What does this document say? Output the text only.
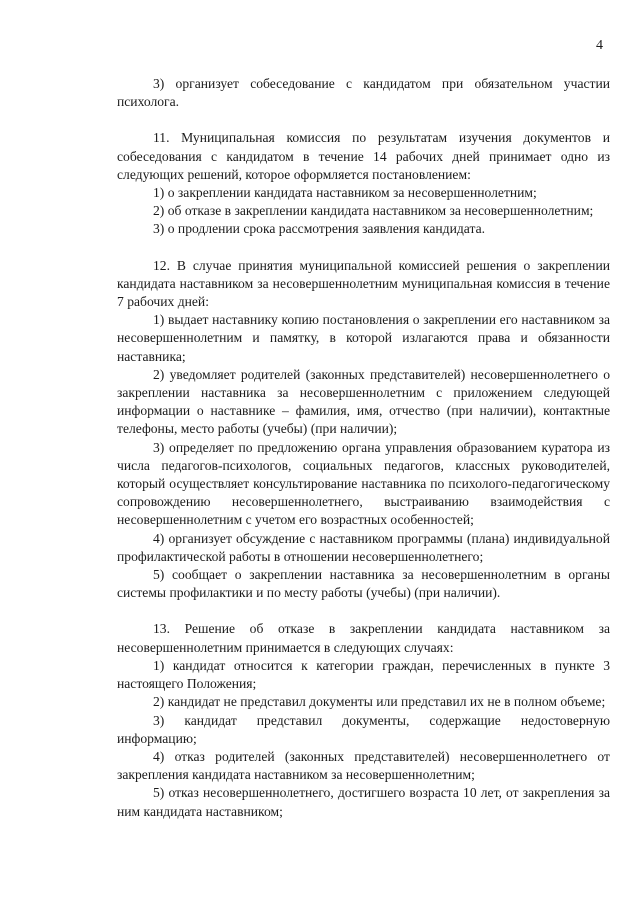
4

3) организует собеседование с кандидатом при обязательном участии психолога.

11. Муниципальная комиссия по результатам изучения документов и собеседования с кандидатом в течение 14 рабочих дней принимает одно из следующих решений, которое оформляется постановлением:

1) о закреплении кандидата наставником за несовершеннолетним;

2) об отказе в закреплении кандидата наставником за несовершеннолетним;

3) о продлении срока рассмотрения заявления кандидата.

12. В случае принятия муниципальной комиссией решения о закреплении кандидата наставником за несовершеннолетним муниципальная комиссия в течение 7 рабочих дней:

1) выдает наставнику копию постановления о закреплении его наставником за несовершеннолетним и памятку, в которой излагаются права и обязанности наставника;

2) уведомляет родителей (законных представителей) несовершеннолетнего о закреплении наставника за несовершеннолетним с приложением следующей информации о наставнике – фамилия, имя, отчество (при наличии), контактные телефоны, место работы (учебы) (при наличии);

3) определяет по предложению органа управления образованием куратора из числа педагогов-психологов, социальных педагогов, классных руководителей, который осуществляет консультирование наставника по психолого-педагогическому сопровождению несовершеннолетнего, выстраиванию взаимодействия с несовершеннолетним с учетом его возрастных особенностей;

4) организует обсуждение с наставником программы (плана) индивидуальной профилактической работы в отношении несовершеннолетнего;

5) сообщает о закреплении наставника за несовершеннолетним в органы системы профилактики и по месту работы (учебы) (при наличии).

13. Решение об отказе в закреплении кандидата наставником за несовершеннолетним принимается в следующих случаях:

1) кандидат относится к категории граждан, перечисленных в пункте 3 настоящего Положения;

2) кандидат не представил документы или представил их не в полном объеме;

3) кандидат представил документы, содержащие недостоверную информацию;

4) отказ родителей (законных представителей) несовершеннолетнего от закрепления кандидата наставником за несовершеннолетним;

5) отказ несовершеннолетнего, достигшего возраста 10 лет, от закрепления за ним кандидата наставником;
